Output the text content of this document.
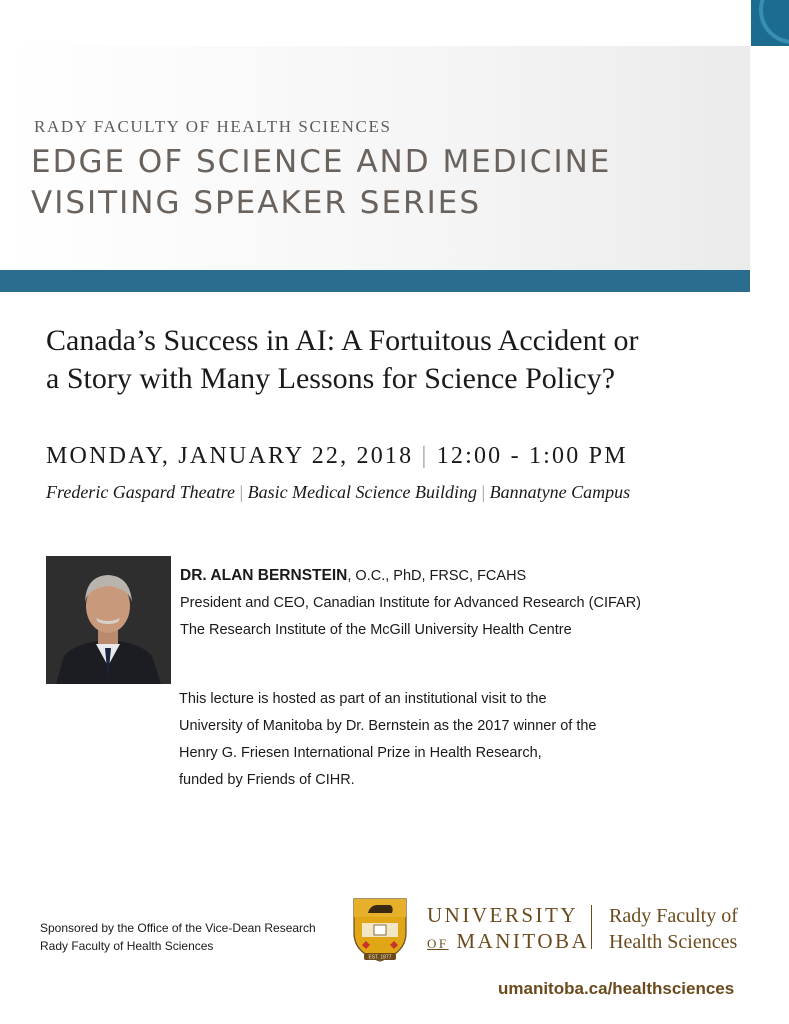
RADY FACULTY OF HEALTH SCIENCES
EDGE OF SCIENCE AND MEDICINE
VISITING SPEAKER SERIES
Canada’s Success in AI: A Fortuitous Accident or
a Story with Many Lessons for Science Policy?
MONDAY, JANUARY 22, 2018 | 12:00 - 1:00 PM
Frederic Gaspard Theatre | Basic Medical Science Building | Bannatyne Campus
DR. ALAN BERNSTEIN, O.C., PhD, FRSC, FCAHS
President and CEO, Canadian Institute for Advanced Research (CIFAR)
The Research Institute of the McGill University Health Centre
This lecture is hosted as part of an institutional visit to the
University of Manitoba by Dr. Bernstein as the 2017 winner of the
Henry G. Friesen International Prize in Health Research,
funded by Friends of CIHR.
Sponsored by the Office of the Vice-Dean Research
Rady Faculty of Health Sciences
EST. 1877
UNIVERSITY
OF MANITOBA
Rady Faculty of
Health Sciences
umanitoba.ca/healthsciences
